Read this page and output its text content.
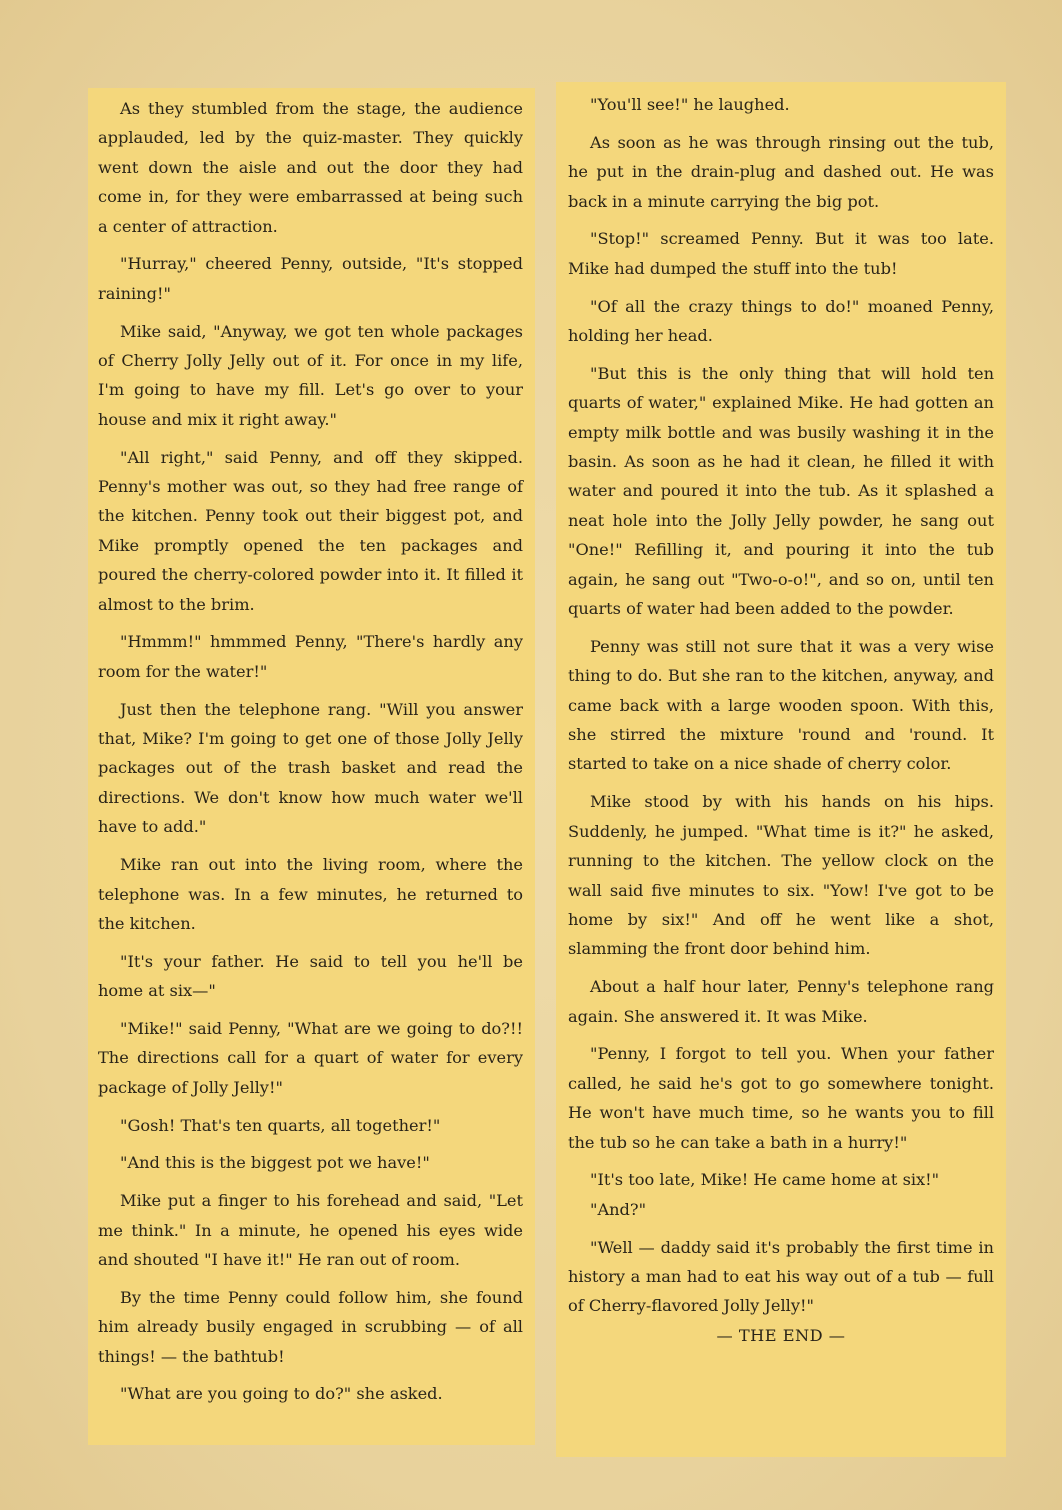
As they stumbled from the stage, the audience applauded, led by the quiz-master. They quickly went down the aisle and out the door they had come in, for they were embarrassed at being such a center of attraction.

"Hurray," cheered Penny, outside, "It's stopped raining!"

Mike said, "Anyway, we got ten whole packages of Cherry Jolly Jelly out of it. For once in my life, I'm going to have my fill. Let's go over to your house and mix it right away."

"All right," said Penny, and off they skipped. Penny's mother was out, so they had free range of the kitchen. Penny took out their biggest pot, and Mike promptly opened the ten packages and poured the cherry-colored powder into it. It filled it almost to the brim.

"Hmmm!" hmmmed Penny, "There's hardly any room for the water!"

Just then the telephone rang. "Will you answer that, Mike? I'm going to get one of those Jolly Jelly packages out of the trash basket and read the directions. We don't know how much water we'll have to add."

Mike ran out into the living room, where the telephone was. In a few minutes, he returned to the kitchen.

"It's your father. He said to tell you he'll be home at six—"

"Mike!" said Penny, "What are we going to do?!! The directions call for a quart of water for every package of Jolly Jelly!"

"Gosh! That's ten quarts, all together!"

"And this is the biggest pot we have!"

Mike put a finger to his forehead and said, "Let me think." In a minute, he opened his eyes wide and shouted "I have it!" He ran out of room.

By the time Penny could follow him, she found him already busily engaged in scrubbing — of all things! — the bathtub!

"What are you going to do?" she asked.

"You'll see!" he laughed.

As soon as he was through rinsing out the tub, he put in the drain-plug and dashed out. He was back in a minute carrying the big pot.

"Stop!" screamed Penny. But it was too late. Mike had dumped the stuff into the tub!

"Of all the crazy things to do!" moaned Penny, holding her head.

"But this is the only thing that will hold ten quarts of water," explained Mike. He had gotten an empty milk bottle and was busily washing it in the basin. As soon as he had it clean, he filled it with water and poured it into the tub. As it splashed a neat hole into the Jolly Jelly powder, he sang out "One!" Refilling it, and pouring it into the tub again, he sang out "Two-o-o!", and so on, until ten quarts of water had been added to the powder.

Penny was still not sure that it was a very wise thing to do. But she ran to the kitchen, anyway, and came back with a large wooden spoon. With this, she stirred the mixture 'round and 'round. It started to take on a nice shade of cherry color.

Mike stood by with his hands on his hips. Suddenly, he jumped. "What time is it?" he asked, running to the kitchen. The yellow clock on the wall said five minutes to six. "Yow! I've got to be home by six!" And off he went like a shot, slamming the front door behind him.

About a half hour later, Penny's telephone rang again. She answered it. It was Mike.

"Penny, I forgot to tell you. When your father called, he said he's got to go somewhere tonight. He won't have much time, so he wants you to fill the tub so he can take a bath in a hurry!"

"It's too late, Mike! He came home at six!"

"And?"

"Well — daddy said it's probably the first time in history a man had to eat his way out of a tub — full of Cherry-flavored Jolly Jelly!"

— THE END —
